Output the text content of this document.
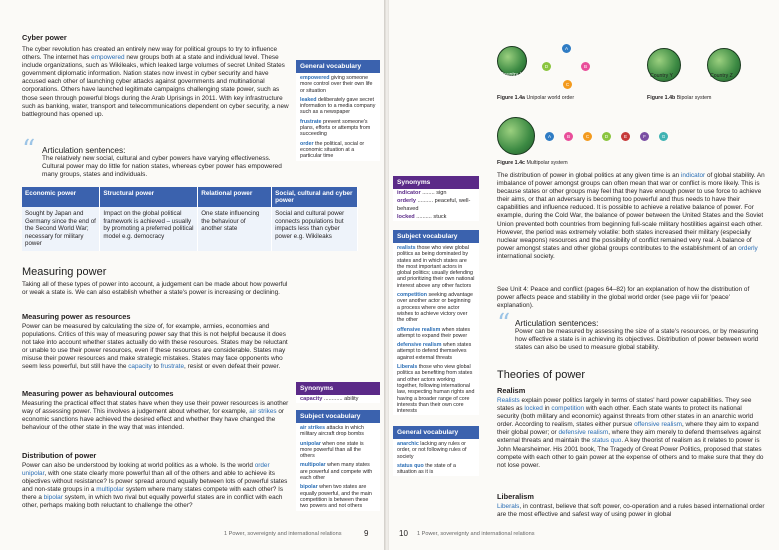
Cyber power

The cyber revolution has created an entirely new way for political groups to try to influence others. The internet has empowered new groups both at a state and individual level. These include organizations, such as Wikileaks, which leaked large volumes of secret United States government diplomatic information. Nation states now invest in cyber security and have accused each other of launching cyber attacks against governments and multinational corporations. Others have launched legitimate campaigns challenging state power, such as those seen through powerful blogs during the Arab Uprisings in 2011. With key infrastructure such as banking, water, transport and telecommunications dependent on cyber security, a new battleground has opened up.

“ Articulation sentences:

The relatively new social, cultural and cyber powers have varying effectiveness. Cultural power may do little for nation states, whereas cyber power has empowered many groups, states and individuals.

Economic power	Structural power	Relational power	Social, cultural and cyber power
Sought by Japan and Germany since the end of the Second World War; necessary for military power	Impact on the global political framework is achieved – usually by promoting a preferred political model e.g. democracy	One state influencing the behaviour of another state	Social and cultural power connects populations but impacts less than cyber power e.g. Wikileaks
Measuring power

Taking all of these types of power into account, a judgement can be made about how powerful or weak a state is. We can also establish whether a state's power is increasing or declining.

Measuring power as resources

Power can be measured by calculating the size of, for example, armies, economies and populations. Critics of this way of measuring power say that this is not helpful because it does not take into account whether states actually do with these resources. States may be reluctant or unable to use their power resources, even if these resources are considerable. States may misuse their power resources and make strategic mistakes. States may face opponents who seem less powerful, but still have the capacity to frustrate, resist or even defeat their power.

Measuring power as behavioural outcomes

Measuring the practical effect that states have when they use their power resources is another way of assessing power. This involves a judgement about whether, for example, air strikes or economic sanctions have achieved the desired effect and whether they have changed the behaviour of the other state in the way that was intended.

Distribution of power

Power can also be understood by looking at world politics as a whole. Is the world order unipolar, with one state clearly more powerful than all of the others and able to achieve its objectives without resistance? Is power spread around equally between lots of powerful states and non-state groups in a multipolar system where many states compete with each other? Is there a bipolar system, in which two rival but equally powerful states are in conflict with each other, perhaps making both reluctant to challenge the other?

1 Power, sovereignty and international relations	9
General vocabulary
empowered giving someone more control over their own life or situation
leaked deliberately gave secret information to a media company such as a newspaper
frustrate prevent someone's plans, efforts or attempts from succeeding
order the political, social or economic situation at a particular time
Synonyms
capacity ............ ability
Subject vocabulary
air strikes attacks in which military aircraft drop bombs
unipolar when one state is more powerful than all the others
multipolar when many states are powerful and compete with each other
bipolar when two states are equally powerful, and the main competition is between these two powers and not others
Synonyms
indicator ........ sign
orderly .......... peaceful, well-behaved
locked .......... stuck
Subject vocabulary
realists those who view global politics as being dominated by states and in which states are the most important actors in global politics; usually defending and prioritizing their own national interest above any other factors
competition seeking advantage over another actor or beginning a process where one actor wishes to achieve victory over the other
offensive realism when states attempt to expand their power
defensive realism when states attempt to defend themselves against external threats
Liberals those who view global politics as benefiting from states and other actors working together, following international law, respecting human rights and having a broader range of core interests than their own core interests
General vocabulary
anarchic lacking any rules or order, or not following rules of society
status quo the state of a situation as it is
Country X
A
B
C
D
Figure 1.4a Unipolar world order
Country Y	Country Z
Figure 1.4b Bipolar system
A	B	C	D	E	F	G
Figure 1.4c Multipolar system

The distribution of power in global politics at any given time is an indicator of global stability. An imbalance of power amongst groups can often mean that war or conflict is more likely. This is because states or other groups may feel that they have enough power to use force to achieve their aims, or that an adversary is becoming too powerful and thus needs to have their capabilities and influence reduced. It is possible to achieve a relative balance of power. For example, during the Cold War, the balance of power between the United States and the Soviet Union prevented both countries from beginning full-scale military hostilities against each other. However, the period was extremely volatile: both states increased their military (especially nuclear weapons) resources and the possibility of conflict remained very real. A balance of power amongst states and other global groups contributes to the establishment of an orderly international society.

See Unit 4: Peace and conflict (pages 64–82) for an explanation of how the distribution of power affects peace and stability in the global world order (see page viii for 'peace' explanation).

“ Articulation sentences:

Power can be measured by assessing the size of a state's resources, or by measuring how effective a state is in achieving its objectives. Distribution of power between world states can also be used to measure global stability.

Theories of power
Realism

Realists explain power politics largely in terms of states' hard power capabilities. They see states as locked in competition with each other. Each state wants to protect its national security (both military and economic) against threats from other states in an anarchic world order. According to realism, states either pursue offensive realism, where they aim to expand their global power; or defensive realism, where they aim merely to defend themselves against external threats and maintain the status quo. A key theorist of realism as it relates to power is John Mearsheimer. His 2001 book, The Tragedy of Great Power Politics, proposed that states compete with each other to gain power at the expense of others and to make sure that they do not lose power.

Liberalism

Liberals, in contrast, believe that soft power, co-operation and a rules based international order are the most effective and safest way of using power in global

10 1 Power, sovereignty and international relations
